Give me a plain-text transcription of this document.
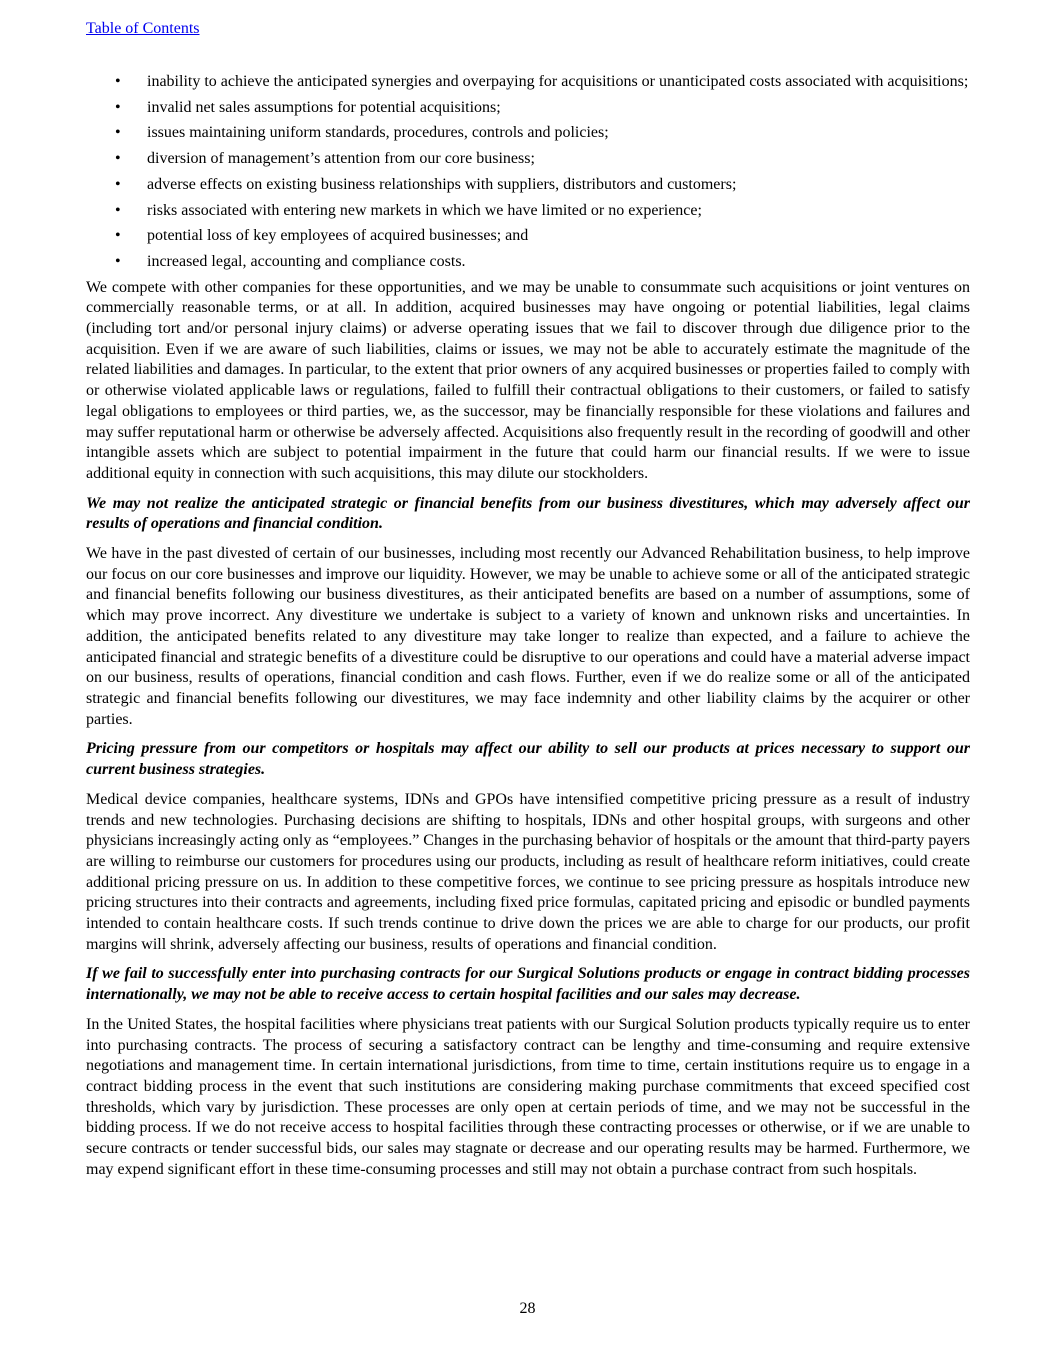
Table of Contents
• inability to achieve the anticipated synergies and overpaying for acquisitions or unanticipated costs associated with acquisitions;
• invalid net sales assumptions for potential acquisitions;
• issues maintaining uniform standards, procedures, controls and policies;
• diversion of management’s attention from our core business;
• adverse effects on existing business relationships with suppliers, distributors and customers;
• risks associated with entering new markets in which we have limited or no experience;
• potential loss of key employees of acquired businesses; and
• increased legal, accounting and compliance costs.

We compete with other companies for these opportunities, and we may be unable to consummate such acquisitions or joint ventures on commercially reasonable terms, or at all. In addition, acquired businesses may have ongoing or potential liabilities, legal claims (including tort and/or personal injury claims) or adverse operating issues that we fail to discover through due diligence prior to the acquisition. Even if we are aware of such liabilities, claims or issues, we may not be able to accurately estimate the magnitude of the related liabilities and damages. In particular, to the extent that prior owners of any acquired businesses or properties failed to comply with or otherwise violated applicable laws or regulations, failed to fulfill their contractual obligations to their customers, or failed to satisfy legal obligations to employees or third parties, we, as the successor, may be financially responsible for these violations and failures and may suffer reputational harm or otherwise be adversely affected. Acquisitions also frequently result in the recording of goodwill and other intangible assets which are subject to potential impairment in the future that could harm our financial results. If we were to issue additional equity in connection with such acquisitions, this may dilute our stockholders.

We may not realize the anticipated strategic or financial benefits from our business divestitures, which may adversely affect our results of operations and financial condition.

We have in the past divested of certain of our businesses, including most recently our Advanced Rehabilitation business, to help improve our focus on our core businesses and improve our liquidity. However, we may be unable to achieve some or all of the anticipated strategic and financial benefits following our business divestitures, as their anticipated benefits are based on a number of assumptions, some of which may prove incorrect. Any divestiture we undertake is subject to a variety of known and unknown risks and uncertainties. In addition, the anticipated benefits related to any divestiture may take longer to realize than expected, and a failure to achieve the anticipated financial and strategic benefits of a divestiture could be disruptive to our operations and could have a material adverse impact on our business, results of operations, financial condition and cash flows. Further, even if we do realize some or all of the anticipated strategic and financial benefits following our divestitures, we may face indemnity and other liability claims by the acquirer or other parties.

Pricing pressure from our competitors or hospitals may affect our ability to sell our products at prices necessary to support our current business strategies.

Medical device companies, healthcare systems, IDNs and GPOs have intensified competitive pricing pressure as a result of industry trends and new technologies. Purchasing decisions are shifting to hospitals, IDNs and other hospital groups, with surgeons and other physicians increasingly acting only as “employees.” Changes in the purchasing behavior of hospitals or the amount that third-party payers are willing to reimburse our customers for procedures using our products, including as result of healthcare reform initiatives, could create additional pricing pressure on us. In addition to these competitive forces, we continue to see pricing pressure as hospitals introduce new pricing structures into their contracts and agreements, including fixed price formulas, capitated pricing and episodic or bundled payments intended to contain healthcare costs. If such trends continue to drive down the prices we are able to charge for our products, our profit margins will shrink, adversely affecting our business, results of operations and financial condition.

If we fail to successfully enter into purchasing contracts for our Surgical Solutions products or engage in contract bidding processes internationally, we may not be able to receive access to certain hospital facilities and our sales may decrease.

In the United States, the hospital facilities where physicians treat patients with our Surgical Solution products typically require us to enter into purchasing contracts. The process of securing a satisfactory contract can be lengthy and time-consuming and require extensive negotiations and management time. In certain international jurisdictions, from time to time, certain institutions require us to engage in a contract bidding process in the event that such institutions are considering making purchase commitments that exceed specified cost thresholds, which vary by jurisdiction. These processes are only open at certain periods of time, and we may not be successful in the bidding process. If we do not receive access to hospital facilities through these contracting processes or otherwise, or if we are unable to secure contracts or tender successful bids, our sales may stagnate or decrease and our operating results may be harmed. Furthermore, we may expend significant effort in these time-consuming processes and still may not obtain a purchase contract from such hospitals.

28
